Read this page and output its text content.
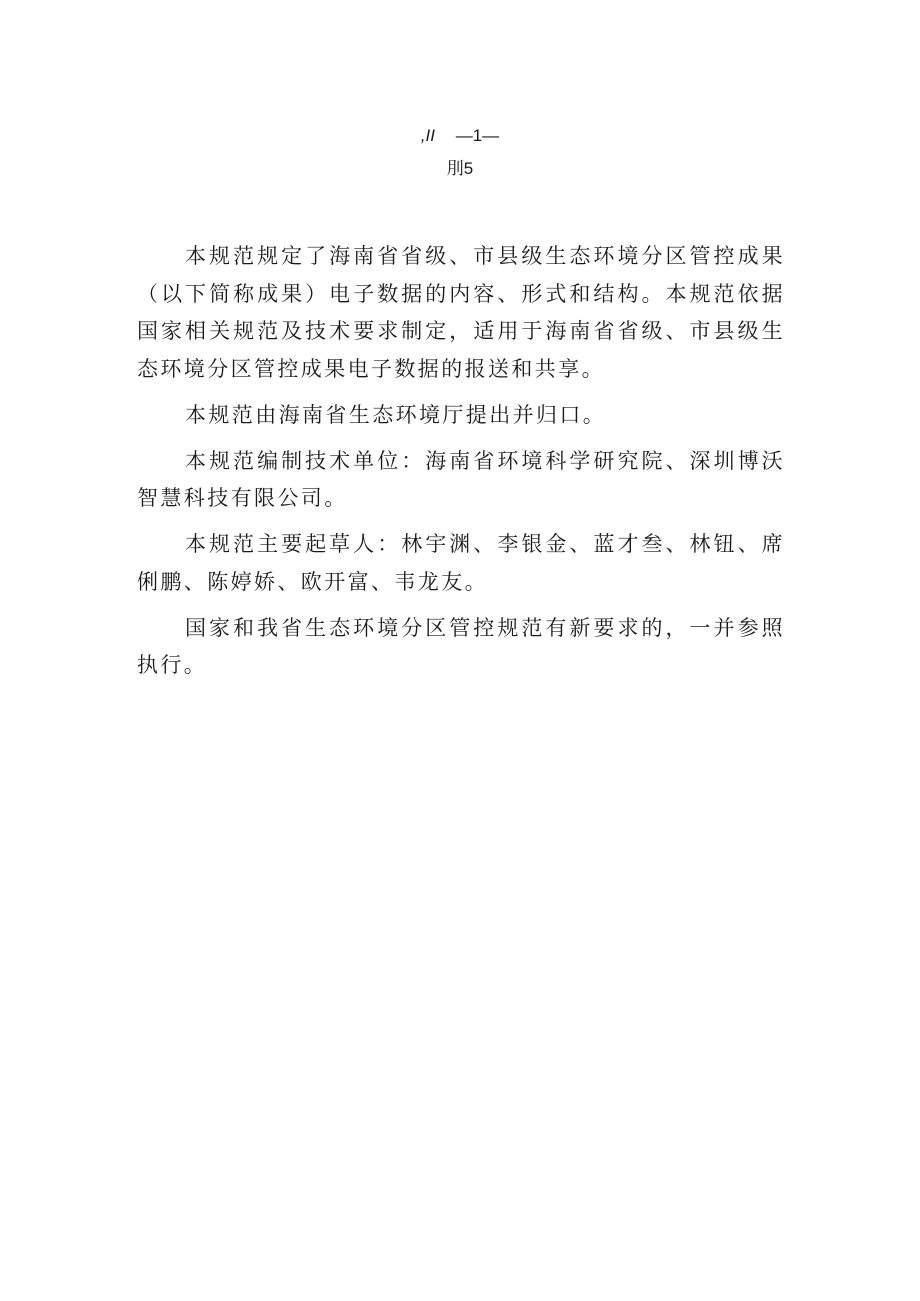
,II —1—
刖5

本规范规定了海南省省级、市县级生态环境分区管控成果（以下简称成果）电子数据的内容、形式和结构。本规范依据国家相关规范及技术要求制定，适用于海南省省级、市县级生态环境分区管控成果电子数据的报送和共享。

本规范由海南省生态环境厅提出并归口。

本规范编制技术单位：海南省环境科学研究院、深圳博沃智慧科技有限公司。

本规范主要起草人：林宇渊、李银金、蓝才叁、林钮、席俐鹏、陈婷娇、欧开富、韦龙友。

国家和我省生态环境分区管控规范有新要求的，一并参照执行。
